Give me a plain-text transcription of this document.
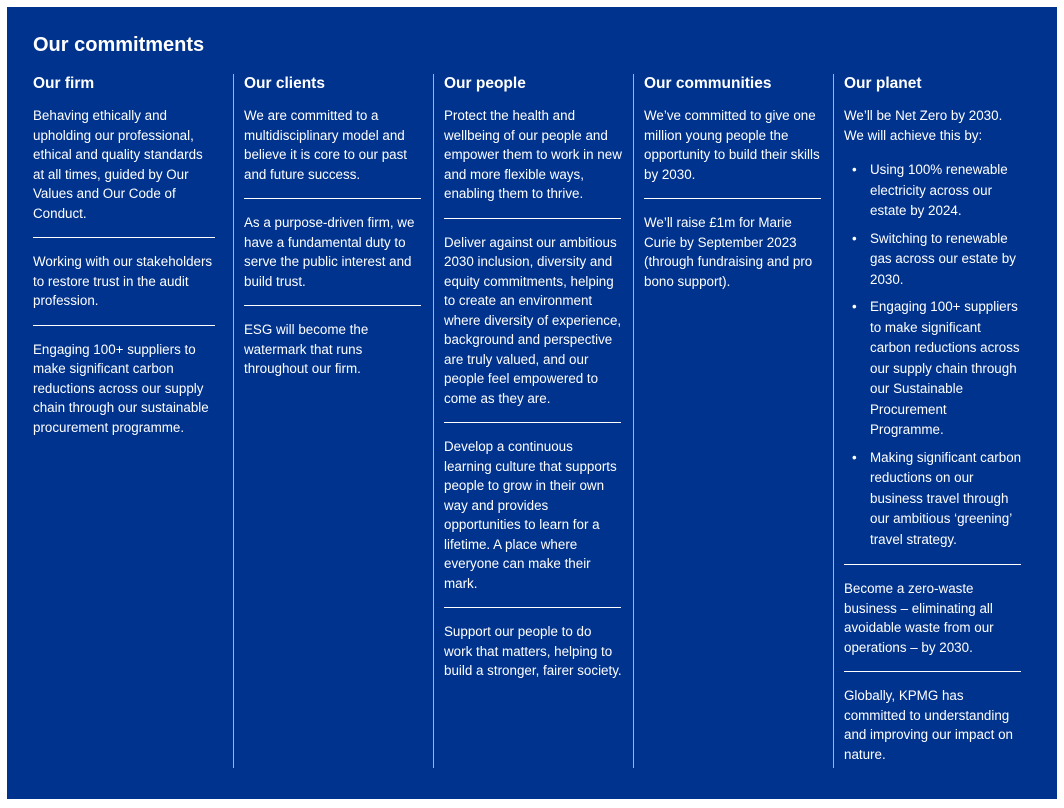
Our commitments
Our firm

Behaving ethically and upholding our professional, ethical and quality standards at all times, guided by Our Values and Our Code of Conduct.

Working with our stakeholders to restore trust in the audit profession.

Engaging 100+ suppliers to make significant carbon reductions across our supply chain through our sustainable procurement programme.

Our clients

We are committed to a multidisciplinary model and believe it is core to our past and future success.

As a purpose-driven firm, we have a fundamental duty to serve the public interest and build trust.

ESG will become the watermark that runs throughout our firm.

Our people

Protect the health and wellbeing of our people and empower them to work in new and more flexible ways, enabling them to thrive.

Deliver against our ambitious 2030 inclusion, diversity and equity commitments, helping to create an environment where diversity of experience, background and perspective are truly valued, and our people feel empowered to come as they are.

Develop a continuous learning culture that supports people to grow in their own way and provides opportunities to learn for a lifetime. A place where everyone can make their mark.

Support our people to do work that matters, helping to build a stronger, fairer society.

Our communities

We’ve committed to give one million young people the opportunity to build their skills by 2030.

We’ll raise £1m for Marie Curie by September 2023 (through fundraising and pro bono support).

Our planet

We’ll be Net Zero by 2030. We will achieve this by:

• Using 100% renewable electricity across our estate by 2024.
• Switching to renewable gas across our estate by 2030.
• Engaging 100+ suppliers to make significant carbon reductions across our supply chain through our Sustainable Procurement Programme.
• Making significant carbon reductions on our business travel through our ambitious ‘greening’ travel strategy.

Become a zero-waste business – eliminating all avoidable waste from our operations – by 2030.

Globally, KPMG has committed to understanding and improving our impact on nature.
